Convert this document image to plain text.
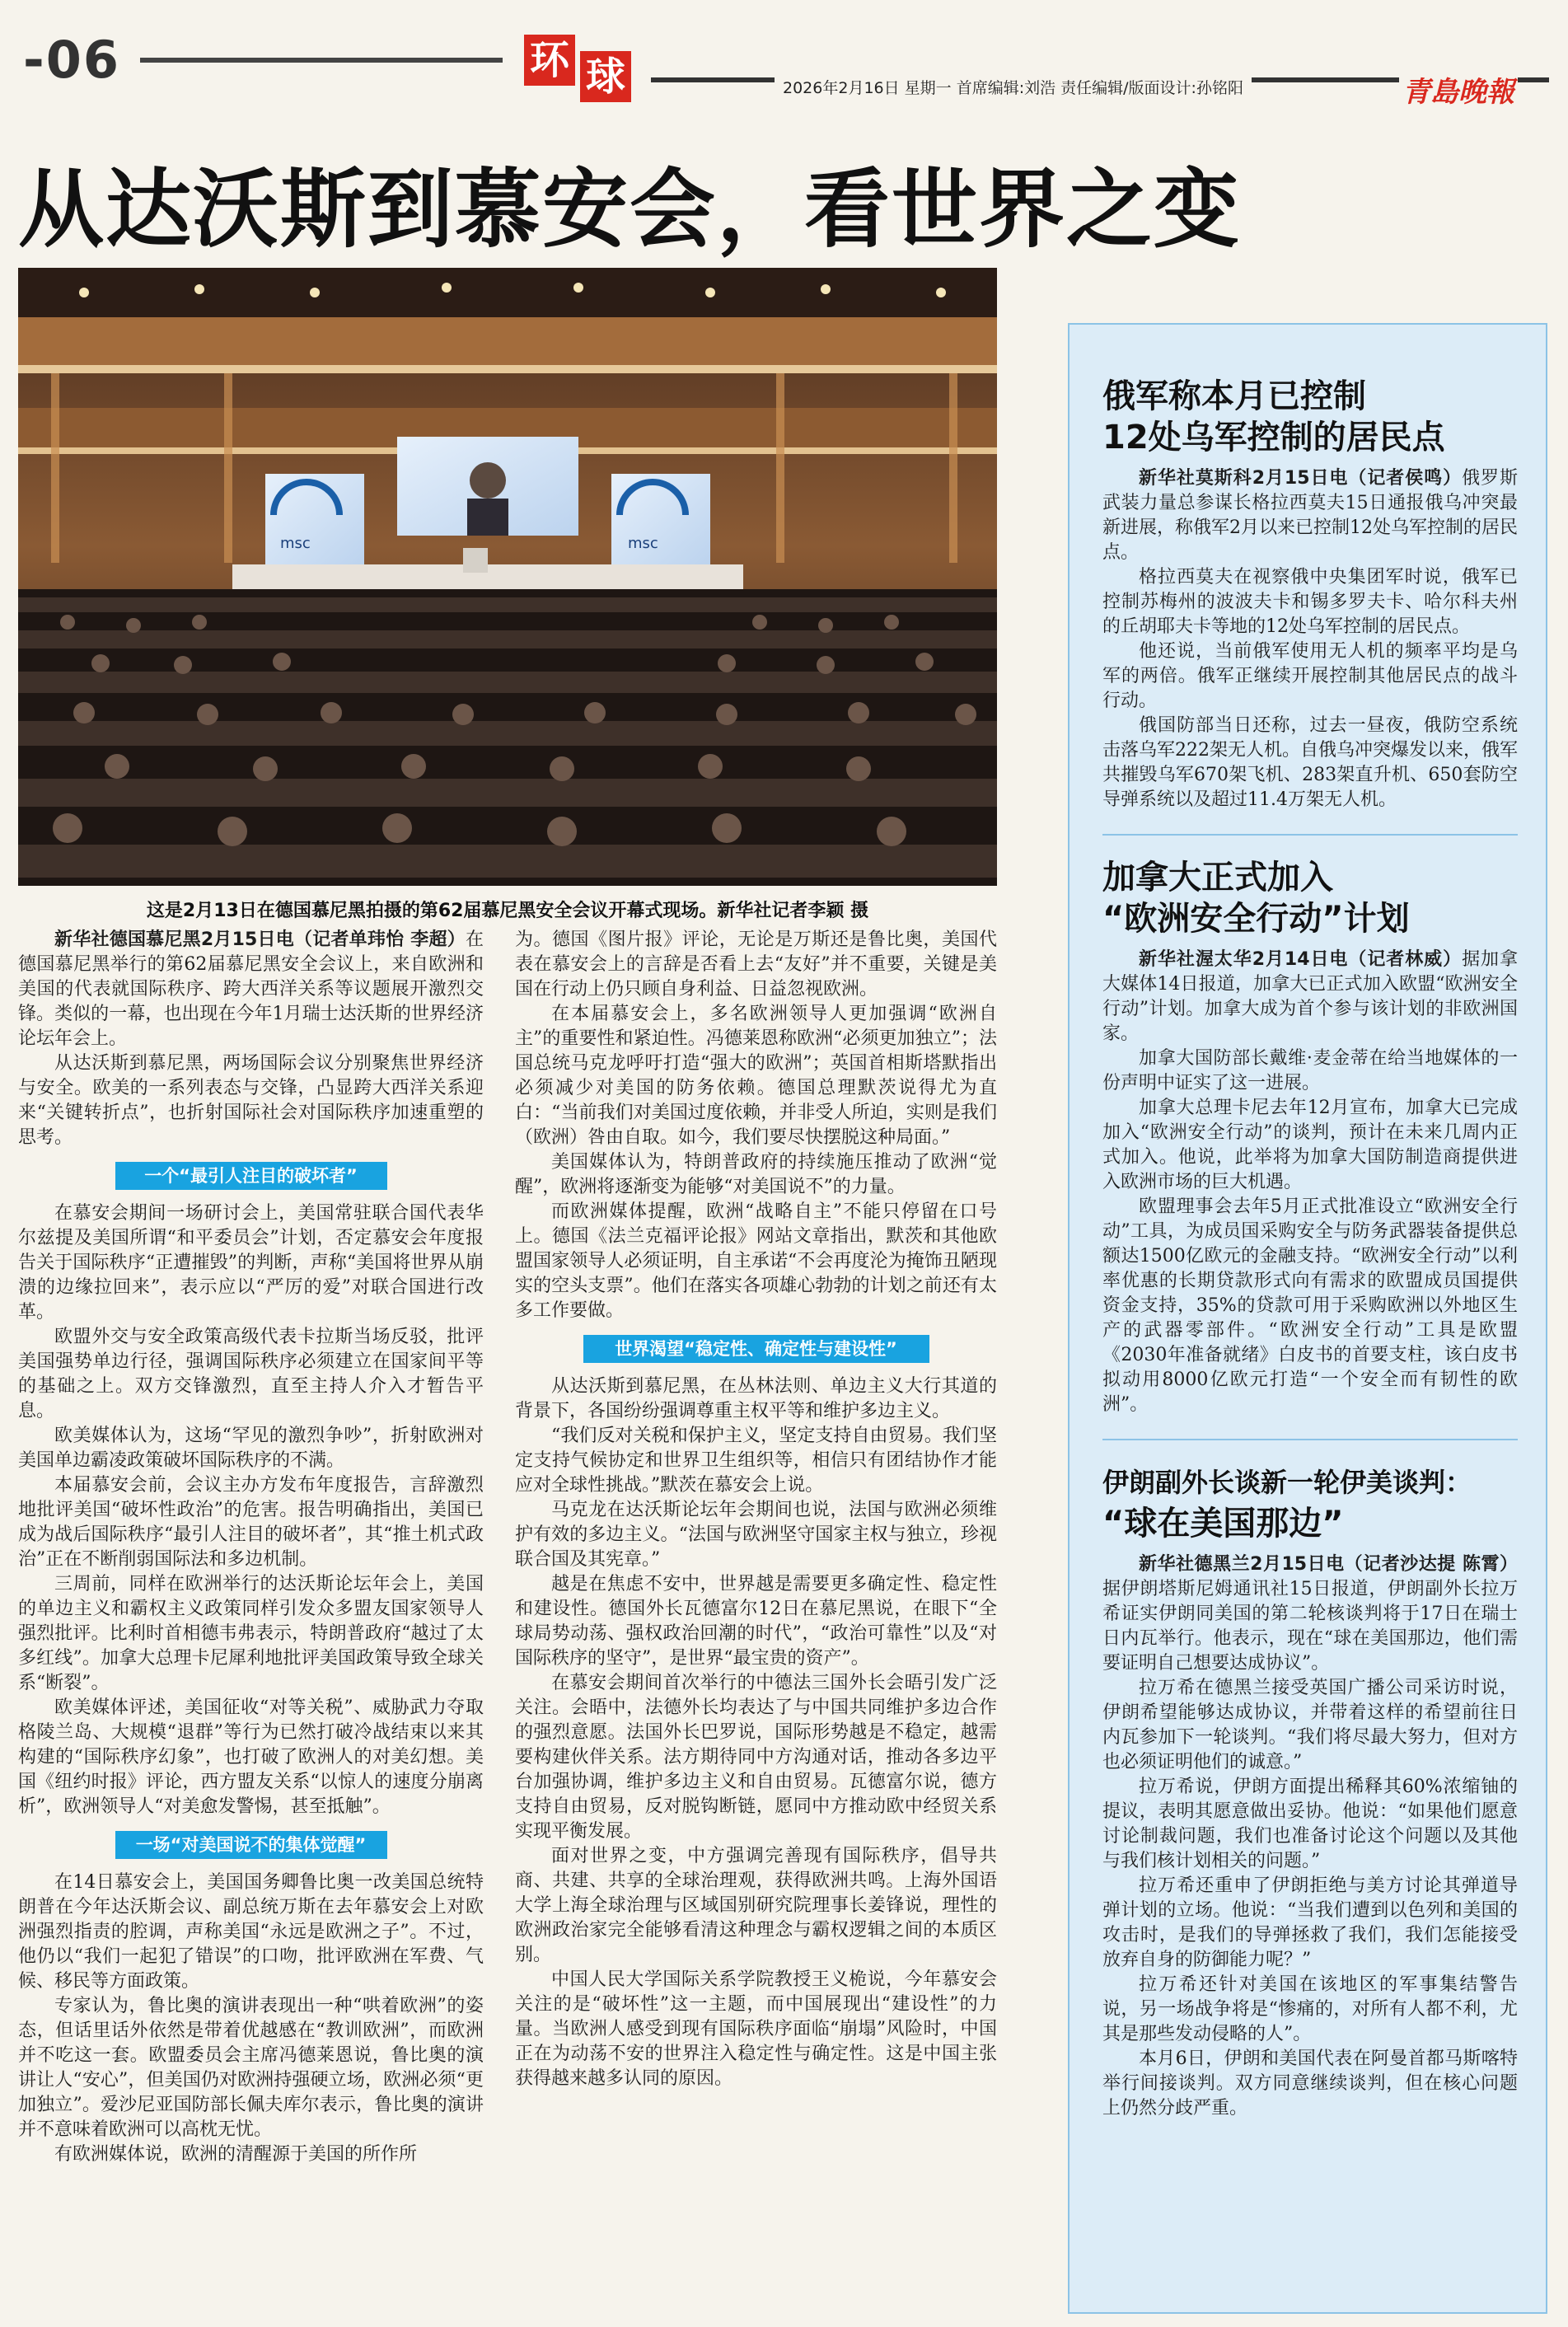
-06	环 球	2026年2月16日 星期一 首席编辑:刘浩 责任编辑/版面设计:孙铭阳	青島晚報
从达沃斯到慕安会，看世界之变
msc	msc
这是2月13日在德国慕尼黑拍摄的第62届慕尼黑安全会议开幕式现场。新华社记者李颖 摄

新华社德国慕尼黑2月15日电（记者单玮怡 李超）在德国慕尼黑举行的第62届慕尼黑安全会议上，来自欧洲和美国的代表就国际秩序、跨大西洋关系等议题展开激烈交锋。类似的一幕，也出现在今年1月瑞士达沃斯的世界经济论坛年会上。

从达沃斯到慕尼黑，两场国际会议分别聚焦世界经济与安全。欧美的一系列表态与交锋，凸显跨大西洋关系迎来“关键转折点”，也折射国际社会对国际秩序加速重塑的思考。

一个“最引人注目的破坏者”

在慕安会期间一场研讨会上，美国常驻联合国代表华尔兹提及美国所谓“和平委员会”计划，否定慕安会年度报告关于国际秩序“正遭摧毁”的判断，声称“美国将世界从崩溃的边缘拉回来”，表示应以“严厉的爱”对联合国进行改革。

欧盟外交与安全政策高级代表卡拉斯当场反驳，批评美国强势单边行径，强调国际秩序必须建立在国家间平等的基础之上。双方交锋激烈，直至主持人介入才暂告平息。

欧美媒体认为，这场“罕见的激烈争吵”，折射欧洲对美国单边霸凌政策破坏国际秩序的不满。

本届慕安会前，会议主办方发布年度报告，言辞激烈地批评美国“破坏性政治”的危害。报告明确指出，美国已成为战后国际秩序“最引人注目的破坏者”，其“推土机式政治”正在不断削弱国际法和多边机制。

三周前，同样在欧洲举行的达沃斯论坛年会上，美国的单边主义和霸权主义政策同样引发众多盟友国家领导人强烈批评。比利时首相德韦弗表示，特朗普政府“越过了太多红线”。加拿大总理卡尼犀利地批评美国政策导致全球关系“断裂”。

欧美媒体评述，美国征收“对等关税”、威胁武力夺取格陵兰岛、大规模“退群”等行为已然打破冷战结束以来其构建的“国际秩序幻象”，也打破了欧洲人的对美幻想。美国《纽约时报》评论，西方盟友关系“以惊人的速度分崩离析”，欧洲领导人“对美愈发警惕，甚至抵触”。

一场“对美国说不的集体觉醒”

在14日慕安会上，美国国务卿鲁比奥一改美国总统特朗普在今年达沃斯会议、副总统万斯在去年慕安会上对欧洲强烈指责的腔调，声称美国“永远是欧洲之子”。不过，他仍以“我们一起犯了错误”的口吻，批评欧洲在军费、气候、移民等方面政策。

专家认为，鲁比奥的演讲表现出一种“哄着欧洲”的姿态，但话里话外依然是带着优越感在“教训欧洲”，而欧洲并不吃这一套。欧盟委员会主席冯德莱恩说，鲁比奥的演讲让人“安心”，但美国仍对欧洲持强硬立场，欧洲必须“更加独立”。爱沙尼亚国防部长佩夫库尔表示，鲁比奥的演讲并不意味着欧洲可以高枕无忧。

有欧洲媒体说，欧洲的清醒源于美国的所作所

为。德国《图片报》评论，无论是万斯还是鲁比奥，美国代表在慕安会上的言辞是否看上去“友好”并不重要，关键是美国在行动上仍只顾自身利益、日益忽视欧洲。

在本届慕安会上，多名欧洲领导人更加强调“欧洲自主”的重要性和紧迫性。冯德莱恩称欧洲“必须更加独立”；法国总统马克龙呼吁打造“强大的欧洲”；英国首相斯塔默指出必须减少对美国的防务依赖。德国总理默茨说得尤为直白：“当前我们对美国过度依赖，并非受人所迫，实则是我们（欧洲）咎由自取。如今，我们要尽快摆脱这种局面。”

美国媒体认为，特朗普政府的持续施压推动了欧洲“觉醒”，欧洲将逐渐变为能够“对美国说不”的力量。

而欧洲媒体提醒，欧洲“战略自主”不能只停留在口号上。德国《法兰克福评论报》网站文章指出，默茨和其他欧盟国家领导人必须证明，自主承诺“不会再度沦为掩饰丑陋现实的空头支票”。他们在落实各项雄心勃勃的计划之前还有太多工作要做。

世界渴望“稳定性、确定性与建设性”

从达沃斯到慕尼黑，在丛林法则、单边主义大行其道的背景下，各国纷纷强调尊重主权平等和维护多边主义。

“我们反对关税和保护主义，坚定支持自由贸易。我们坚定支持气候协定和世界卫生组织等，相信只有团结协作才能应对全球性挑战。”默茨在慕安会上说。

马克龙在达沃斯论坛年会期间也说，法国与欧洲必须维护有效的多边主义。“法国与欧洲坚守国家主权与独立，珍视联合国及其宪章。”

越是在焦虑不安中，世界越是需要更多确定性、稳定性和建设性。德国外长瓦德富尔12日在慕尼黑说，在眼下“全球局势动荡、强权政治回潮的时代”，“政治可靠性”以及“对国际秩序的坚守”，是世界“最宝贵的资产”。

在慕安会期间首次举行的中德法三国外长会晤引发广泛关注。会晤中，法德外长均表达了与中国共同维护多边合作的强烈意愿。法国外长巴罗说，国际形势越是不稳定，越需要构建伙伴关系。法方期待同中方沟通对话，推动各多边平台加强协调，维护多边主义和自由贸易。瓦德富尔说，德方支持自由贸易，反对脱钩断链，愿同中方推动欧中经贸关系实现平衡发展。

面对世界之变，中方强调完善现有国际秩序，倡导共商、共建、共享的全球治理观，获得欧洲共鸣。上海外国语大学上海全球治理与区域国别研究院理事长姜锋说，理性的欧洲政治家完全能够看清这种理念与霸权逻辑之间的本质区别。

中国人民大学国际关系学院教授王义桅说，今年慕安会关注的是“破坏性”这一主题，而中国展现出“建设性”的力量。当欧洲人感受到现有国际秩序面临“崩塌”风险时，中国正在为动荡不安的世界注入稳定性与确定性。这是中国主张获得越来越多认同的原因。

俄军称本月已控制
12处乌军控制的居民点

新华社莫斯科2月15日电（记者侯鸣）俄罗斯武装力量总参谋长格拉西莫夫15日通报俄乌冲突最新进展，称俄军2月以来已控制12处乌军控制的居民点。

格拉西莫夫在视察俄中央集团军时说，俄军已控制苏梅州的波波夫卡和锡多罗夫卡、哈尔科夫州的丘胡耶夫卡等地的12处乌军控制的居民点。

他还说，当前俄军使用无人机的频率平均是乌军的两倍。俄军正继续开展控制其他居民点的战斗行动。

俄国防部当日还称，过去一昼夜，俄防空系统击落乌军222架无人机。自俄乌冲突爆发以来，俄军共摧毁乌军670架飞机、283架直升机、650套防空导弹系统以及超过11.4万架无人机。

加拿大正式加入
“欧洲安全行动”计划

新华社渥太华2月14日电（记者林威）据加拿大媒体14日报道，加拿大已正式加入欧盟“欧洲安全行动”计划。加拿大成为首个参与该计划的非欧洲国家。

加拿大国防部长戴维·麦金蒂在给当地媒体的一份声明中证实了这一进展。

加拿大总理卡尼去年12月宣布，加拿大已完成加入“欧洲安全行动”的谈判，预计在未来几周内正式加入。他说，此举将为加拿大国防制造商提供进入欧洲市场的巨大机遇。

欧盟理事会去年5月正式批准设立“欧洲安全行动”工具，为成员国采购安全与防务武器装备提供总额达1500亿欧元的金融支持。“欧洲安全行动”以利率优惠的长期贷款形式向有需求的欧盟成员国提供资金支持，35%的贷款可用于采购欧洲以外地区生产的武器零部件。“欧洲安全行动”工具是欧盟《2030年准备就绪》白皮书的首要支柱，该白皮书拟动用8000亿欧元打造“一个安全而有韧性的欧洲”。

伊朗副外长谈新一轮伊美谈判：
“球在美国那边”

新华社德黑兰2月15日电（记者沙达提 陈霄）据伊朗塔斯尼姆通讯社15日报道，伊朗副外长拉万希证实伊朗同美国的第二轮核谈判将于17日在瑞士日内瓦举行。他表示，现在“球在美国那边，他们需要证明自己想要达成协议”。

拉万希在德黑兰接受英国广播公司采访时说，伊朗希望能够达成协议，并带着这样的希望前往日内瓦参加下一轮谈判。“我们将尽最大努力，但对方也必须证明他们的诚意。”

拉万希说，伊朗方面提出稀释其60%浓缩铀的提议，表明其愿意做出妥协。他说：“如果他们愿意讨论制裁问题，我们也准备讨论这个问题以及其他与我们核计划相关的问题。”

拉万希还重申了伊朗拒绝与美方讨论其弹道导弹计划的立场。他说：“当我们遭到以色列和美国的攻击时，是我们的导弹拯救了我们，我们怎能接受放弃自身的防御能力呢？”

拉万希还针对美国在该地区的军事集结警告说，另一场战争将是“惨痛的，对所有人都不利，尤其是那些发动侵略的人”。

本月6日，伊朗和美国代表在阿曼首都马斯喀特举行间接谈判。双方同意继续谈判，但在核心问题上仍然分歧严重。
